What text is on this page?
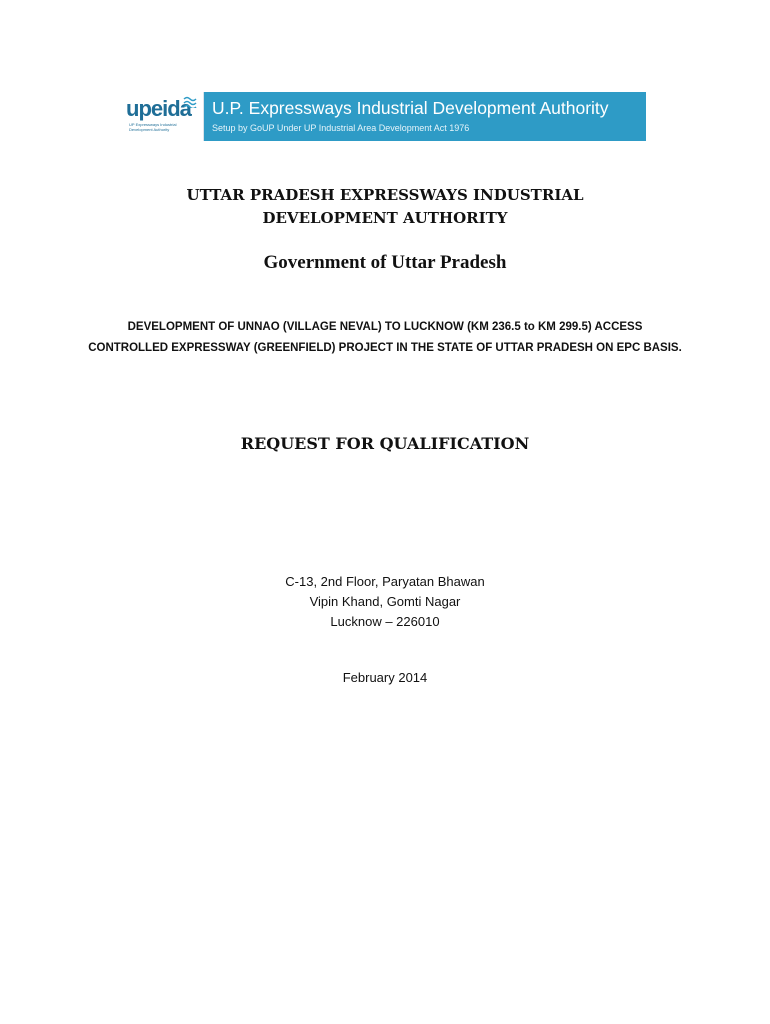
upeida
UP Expressways Industrial Development Authority
U.P. Expressways Industrial Development Authority
Setup by GoUP Under UP Industrial Area Development Act 1976
UTTAR PRADESH EXPRESSWAYS INDUSTRIAL DEVELOPMENT AUTHORITY
Government of Uttar Pradesh
DEVELOPMENT OF UNNAO (VILLAGE NEVAL) TO LUCKNOW (KM 236.5 to KM 299.5) ACCESS CONTROLLED EXPRESSWAY (GREENFIELD) PROJECT IN THE STATE OF UTTAR PRADESH ON EPC BASIS.
REQUEST FOR QUALIFICATION
C-13, 2nd Floor, Paryatan Bhawan
Vipin Khand, Gomti Nagar
Lucknow – 226010
February 2014
